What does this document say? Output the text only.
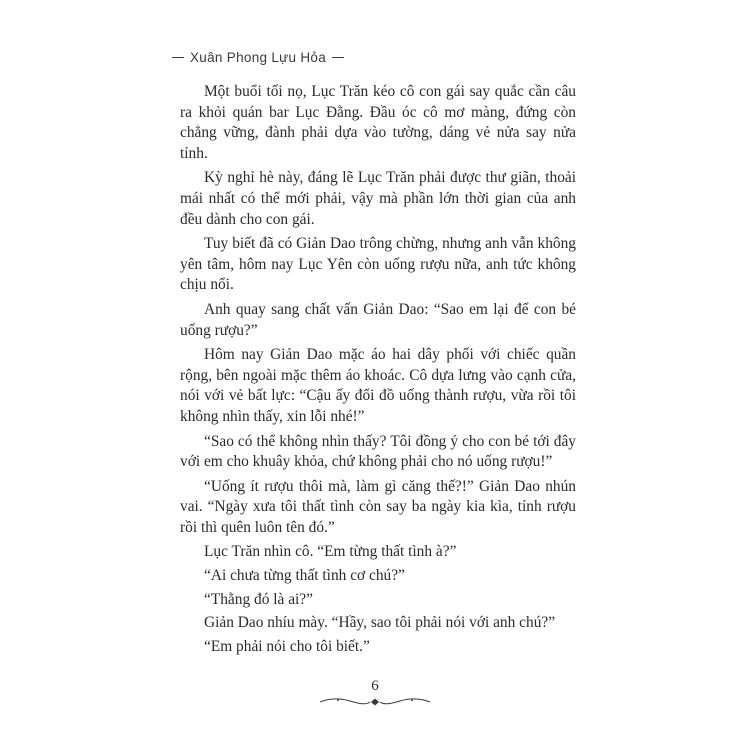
Xuân Phong Lựu Hỏa

Một buổi tối nọ, Lục Trăn kéo cô con gái say quắc cần câu ra khỏi quán bar Lục Đằng. Đầu óc cô mơ màng, đứng còn chẳng vững, đành phải dựa vào tường, dáng vẻ nửa say nửa tỉnh.

Kỳ nghỉ hè này, đáng lẽ Lục Trăn phải được thư giãn, thoải mái nhất có thể mới phải, vậy mà phần lớn thời gian của anh đều dành cho con gái.

Tuy biết đã có Giản Dao trông chừng, nhưng anh vẫn không yên tâm, hôm nay Lục Yên còn uống rượu nữa, anh tức không chịu nổi.

Anh quay sang chất vấn Giản Dao: “Sao em lại để con bé uống rượu?”

Hôm nay Giản Dao mặc áo hai dây phối với chiếc quần rộng, bên ngoài mặc thêm áo khoác. Cô dựa lưng vào cạnh cửa, nói với vẻ bất lực: “Cậu ấy đổi đồ uống thành rượu, vừa rồi tôi không nhìn thấy, xin lỗi nhé!”

“Sao có thể không nhìn thấy? Tôi đồng ý cho con bé tới đây với em cho khuây khỏa, chứ không phải cho nó uống rượu!”

“Uống ít rượu thôi mà, làm gì căng thế?!” Giản Dao nhún vai. “Ngày xưa tôi thất tình còn say ba ngày kia kìa, tỉnh rượu rồi thì quên luôn tên đó.”

Lục Trăn nhìn cô. “Em từng thất tình à?”

“Ai chưa từng thất tình cơ chú?”

“Thằng đó là ai?”

Giản Dao nhíu mày. “Hầy, sao tôi phải nói với anh chú?”

“Em phải nói cho tôi biết.”

6
